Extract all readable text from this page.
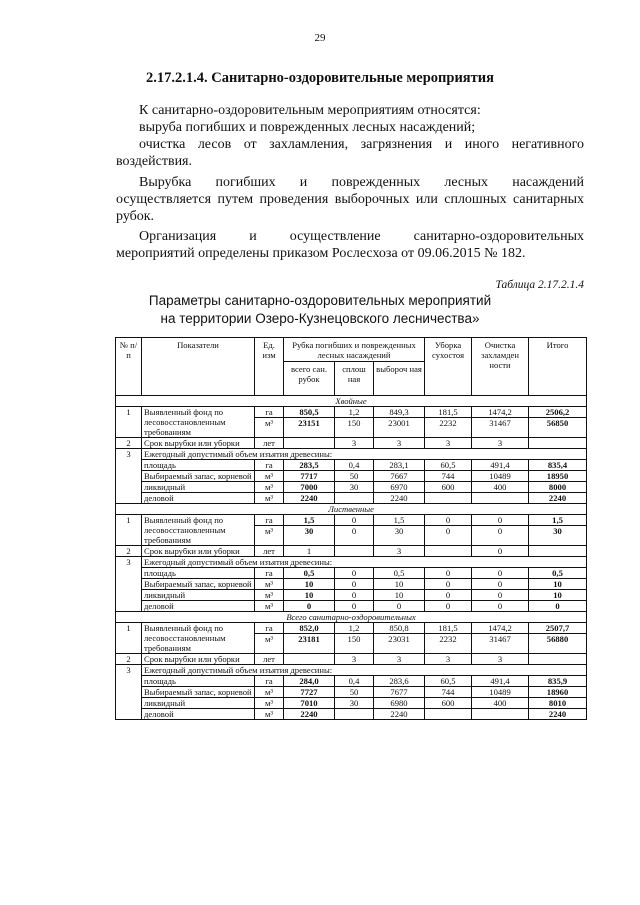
29
2.17.2.1.4. Санитарно-оздоровительные мероприятия
К санитарно-оздоровительным мероприятиям относятся:
выруба погибших и поврежденных лесных насаждений;
очистка лесов от захламления, загрязнения и иного негативного
воздействия.
Вырубка погибших и поврежденных лесных насаждений
осуществляется путем проведения выборочных или сплошных санитарных
рубок.
Организация и осуществление санитарно-оздоровительных
мероприятий определены приказом Рослесхоза от 09.06.2015 № 182.
Таблица 2.17.2.1.4
Параметры санитарно-оздоровительных мероприятий
на территории Озеро-Кузнецовского лесничества»
№ п/п	Показатели	Ед. изм	Рубка погибших и поврежденных лесных насаждений			Уборка сухостоя	Очистка захламден ности	Итого
			всего сан. рубок	сплош ная	выбороч ная			
Хвойные								
1	Выявленный фонд по лесовосстановленным требованиям	га	850,5	1,2	849,3	181,5	1474,2	2506,2
		м³	23151	150	23001	2232	31467	56850

2	Срок вырубки или уборки	лет		3	3	3	3	
3	Ежегодный допустимый объем изъятия древесины:							
	площадь	га	283,5	0,4	283,1	60,5	491,4	835,4
	Выбираемый запас, корневой	м³	7717	50	7667	744	10489	18950
	ликвидный	м³	7000	30	6970	600	400	8000
	деловой	м³	2240		2240			2240
Лиственные								
1	Выявленный фонд по лесовосстановленным требованиям	га	1,5	0	1,5	0	0	1,5
		м³	30	0	30	0	0	30

2	Срок вырубки или уборки	лет	1		3		0	
3	Ежегодный допустимый объем изъятия древесины:							
	площадь	га	0,5	0	0,5	0	0	0,5
	Выбираемый запас, корневой	м³	10	0	10	0	0	10
	ликвидный	м³	10	0	10	0	0	10
	деловой	м³	0	0	0	0	0	0
Всего санитарно-оздоровительных								
1	Выявленный фонд по лесовосстановленным требованиям	га	852,0	1,2	850,8	181,5	1474,2	2507,7
		м³	23181	150	23031	2232	31467	56880

2	Срок вырубки или уборки	лет		3	3	3	3	
3	Ежегодный допустимый объем изъятия древесины:							
	площадь	га	284,0	0,4	283,6	60,5	491,4	835,9
	Выбираемый запас, корневой	м³	7727	50	7677	744	10489	18960
	ликвидный	м³	7010	30	6980	600	400	8010
	деловой	м³	2240		2240			2240
